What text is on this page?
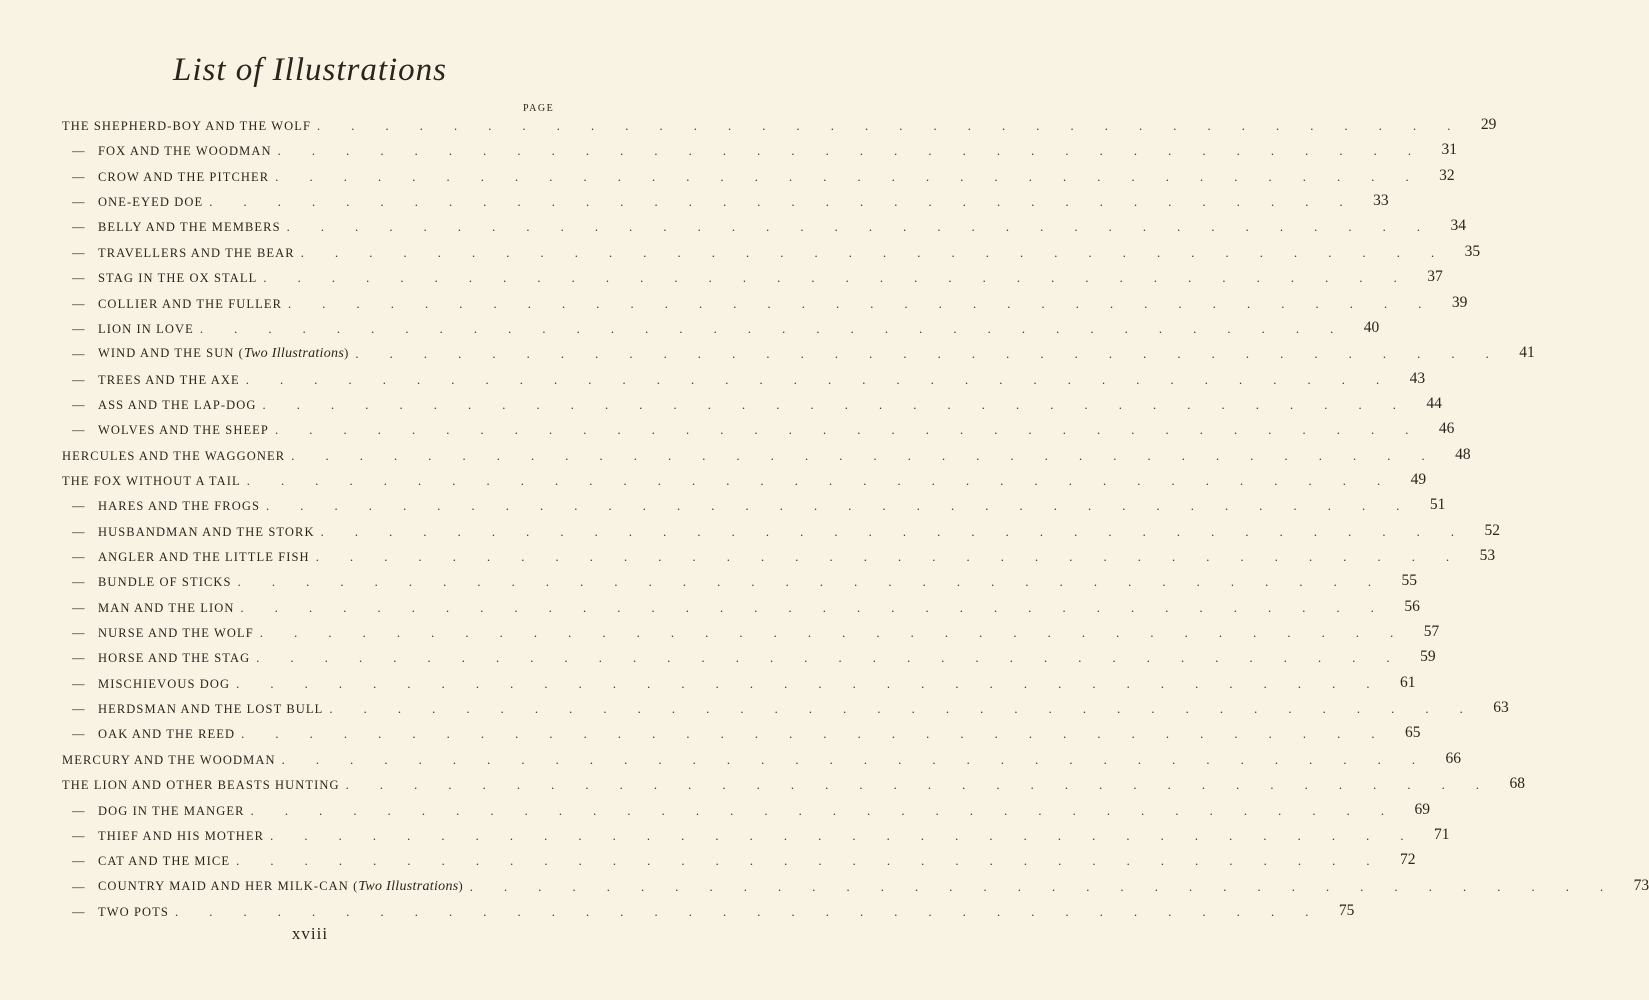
List of Illustrations
PAGE
THE SHEPHERD-BOY AND THE WOLF . . . . . . . . . . . . . . . . . . . . . . . . . . . . . . . . . .	29
— FOX AND THE WOODMAN . . . . . . . . . . . . . . . . . . . . . . . . . . . . . . . . . .	31
— CROW AND THE PITCHER . . . . . . . . . . . . . . . . . . . . . . . . . . . . . . . . . .	32
— ONE-EYED DOE . . . . . . . . . . . . . . . . . . . . . . . . . . . . . . . . . .	33
— BELLY AND THE MEMBERS . . . . . . . . . . . . . . . . . . . . . . . . . . . . . . . . . .	34
— TRAVELLERS AND THE BEAR . . . . . . . . . . . . . . . . . . . . . . . . . . . . . . . . . .	35
— STAG IN THE OX STALL . . . . . . . . . . . . . . . . . . . . . . . . . . . . . . . . . .	37
— COLLIER AND THE FULLER . . . . . . . . . . . . . . . . . . . . . . . . . . . . . . . . . .	39
— LION IN LOVE . . . . . . . . . . . . . . . . . . . . . . . . . . . . . . . . . .	40
— WIND AND THE SUN (Two Illustrations) . . . . . . . . . . . . . . . . . . . . . . . . . . . . . . . . . .	41
— TREES AND THE AXE . . . . . . . . . . . . . . . . . . . . . . . . . . . . . . . . . .	43
— ASS AND THE LAP-DOG . . . . . . . . . . . . . . . . . . . . . . . . . . . . . . . . . .	44
— WOLVES AND THE SHEEP . . . . . . . . . . . . . . . . . . . . . . . . . . . . . . . . . .	46
HERCULES AND THE WAGGONER . . . . . . . . . . . . . . . . . . . . . . . . . . . . . . . . . .	48
THE FOX WITHOUT A TAIL . . . . . . . . . . . . . . . . . . . . . . . . . . . . . . . . . .	49
— HARES AND THE FROGS . . . . . . . . . . . . . . . . . . . . . . . . . . . . . . . . . .	51
— HUSBANDMAN AND THE STORK . . . . . . . . . . . . . . . . . . . . . . . . . . . . . . . . . .	52
— ANGLER AND THE LITTLE FISH . . . . . . . . . . . . . . . . . . . . . . . . . . . . . . . . . .	53
— BUNDLE OF STICKS . . . . . . . . . . . . . . . . . . . . . . . . . . . . . . . . . .	55
— MAN AND THE LION . . . . . . . . . . . . . . . . . . . . . . . . . . . . . . . . . .	56
— NURSE AND THE WOLF . . . . . . . . . . . . . . . . . . . . . . . . . . . . . . . . . .	57
— HORSE AND THE STAG . . . . . . . . . . . . . . . . . . . . . . . . . . . . . . . . . .	59
— MISCHIEVOUS DOG . . . . . . . . . . . . . . . . . . . . . . . . . . . . . . . . . .	61
— HERDSMAN AND THE LOST BULL . . . . . . . . . . . . . . . . . . . . . . . . . . . . . . . . . .	63
— OAK AND THE REED . . . . . . . . . . . . . . . . . . . . . . . . . . . . . . . . . .	65
MERCURY AND THE WOODMAN . . . . . . . . . . . . . . . . . . . . . . . . . . . . . . . . . .	66
THE LION AND OTHER BEASTS HUNTING . . . . . . . . . . . . . . . . . . . . . . . . . . . . . . . . . .	68
— DOG IN THE MANGER . . . . . . . . . . . . . . . . . . . . . . . . . . . . . . . . . .	69
— THIEF AND HIS MOTHER . . . . . . . . . . . . . . . . . . . . . . . . . . . . . . . . . .	71
— CAT AND THE MICE . . . . . . . . . . . . . . . . . . . . . . . . . . . . . . . . . .	72
— COUNTRY MAID AND HER MILK-CAN (Two Illustrations) . . . . . . . . . . . . . . . . . . . . . . . . . . . . . . . . . .	73
— TWO POTS . . . . . . . . . . . . . . . . . . . . . . . . . . . . . . . . . .	75
xviii
